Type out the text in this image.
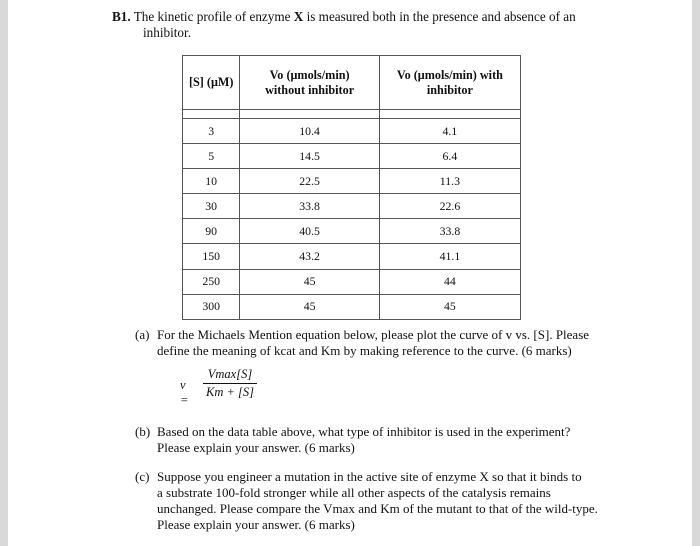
B1. The kinetic profile of enzyme X is measured both in the presence and absence of an
inhibitor.
[S] (μM)	Vo (μmols/min) without inhibitor	Vo (μmols/min) with inhibitor

3	10.4	4.1
5	14.5	6.4
10	22.5	11.3
30	33.8	22.6
90	40.5	33.8
150	43.2	41.1
250	45	44
300	45	45
(a) For the Michaels Mention equation below, please plot the curve of v vs. [S]. Please
define the meaning of kcat and Km by making reference to the curve. (6 marks)
v =
Vmax[S]
Km + [S]
(b) Based on the data table above, what type of inhibitor is used in the experiment?
Please explain your answer. (6 marks)
(c) Suppose you engineer a mutation in the active site of enzyme X so that it binds to
a substrate 100-fold stronger while all other aspects of the catalysis remains
unchanged. Please compare the Vmax and Km of the mutant to that of the wild-type.
Please explain your answer. (6 marks)
